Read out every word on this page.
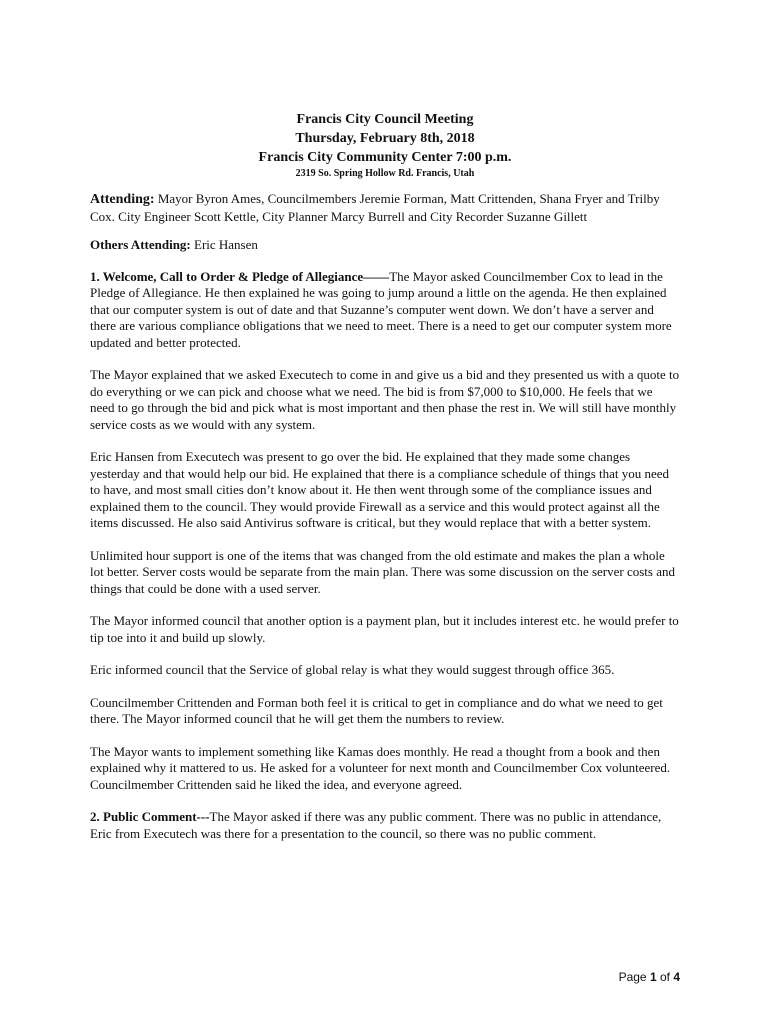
Francis City Council Meeting
Thursday, February 8th, 2018
Francis City Community Center 7:00 p.m.
2319 So. Spring Hollow Rd. Francis, Utah

Attending: Mayor Byron Ames, Councilmembers Jeremie Forman, Matt Crittenden, Shana Fryer and Trilby Cox. City Engineer Scott Kettle, City Planner Marcy Burrell and City Recorder Suzanne Gillett

Others Attending: Eric Hansen

1. Welcome, Call to Order & Pledge of Allegiance——The Mayor asked Councilmember Cox to lead in the Pledge of Allegiance. He then explained he was going to jump around a little on the agenda. He then explained that our computer system is out of date and that Suzanne’s computer went down. We don’t have a server and there are various compliance obligations that we need to meet. There is a need to get our computer system more updated and better protected.

The Mayor explained that we asked Executech to come in and give us a bid and they presented us with a quote to do everything or we can pick and choose what we need. The bid is from $7,000 to $10,000. He feels that we need to go through the bid and pick what is most important and then phase the rest in. We will still have monthly service costs as we would with any system.

Eric Hansen from Executech was present to go over the bid. He explained that they made some changes yesterday and that would help our bid. He explained that there is a compliance schedule of things that you need to have, and most small cities don’t know about it. He then went through some of the compliance issues and explained them to the council. They would provide Firewall as a service and this would protect against all the items discussed. He also said Antivirus software is critical, but they would replace that with a better system.

Unlimited hour support is one of the items that was changed from the old estimate and makes the plan a whole lot better. Server costs would be separate from the main plan. There was some discussion on the server costs and things that could be done with a used server.

The Mayor informed council that another option is a payment plan, but it includes interest etc. he would prefer to tip toe into it and build up slowly.

Eric informed council that the Service of global relay is what they would suggest through office 365.

Councilmember Crittenden and Forman both feel it is critical to get in compliance and do what we need to get there. The Mayor informed council that he will get them the numbers to review.

The Mayor wants to implement something like Kamas does monthly. He read a thought from a book and then explained why it mattered to us. He asked for a volunteer for next month and Councilmember Cox volunteered. Councilmember Crittenden said he liked the idea, and everyone agreed.

2. Public Comment---The Mayor asked if there was any public comment. There was no public in attendance, Eric from Executech was there for a presentation to the council, so there was no public comment.

Page 1 of 4
